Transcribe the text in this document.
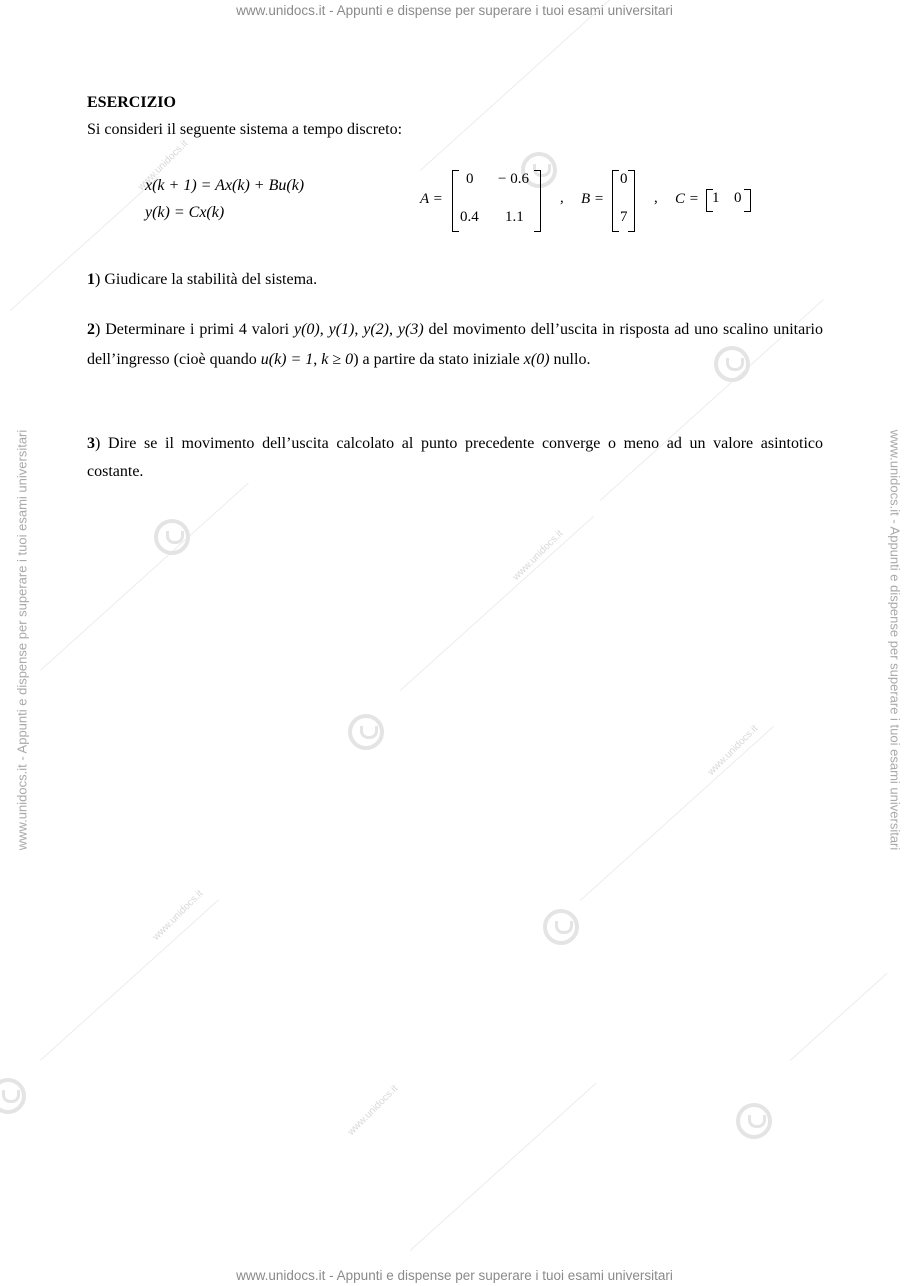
www.unidocs.it - Appunti e dispense per superare i tuoi esami universitari
www.unidocs.it - Appunti e dispense per superare i tuoi esami universitari
www.unidocs.it - Appunti e dispense per superare i tuoi esami universitari	www.unidocs.it - Appunti e dispense per superare i tuoi esami universitari
www.unidocs.it
www.unidocs.it
www.unidocs.it
www.unidocs.it
www.unidocs.it
ESERCIZIO
Si consideri il seguente sistema a tempo discreto:
x(k + 1) = Ax(k) + Bu(k)
y(k) = Cx(k)
A =
0 − 0.6
0.4 1.1
, B =
0
7
, C = 1 0
1) Giudicare la stabilità del sistema.
2) Determinare i primi 4 valori y(0), y(1), y(2), y(3) del movimento dell’uscita in risposta ad uno scalino unitario dell’ingresso (cioè quando u(k) = 1, k ≥ 0) a partire da stato iniziale x(0) nullo.
3) Dire se il movimento dell’uscita calcolato al punto precedente converge o meno ad un valore asintotico costante.
